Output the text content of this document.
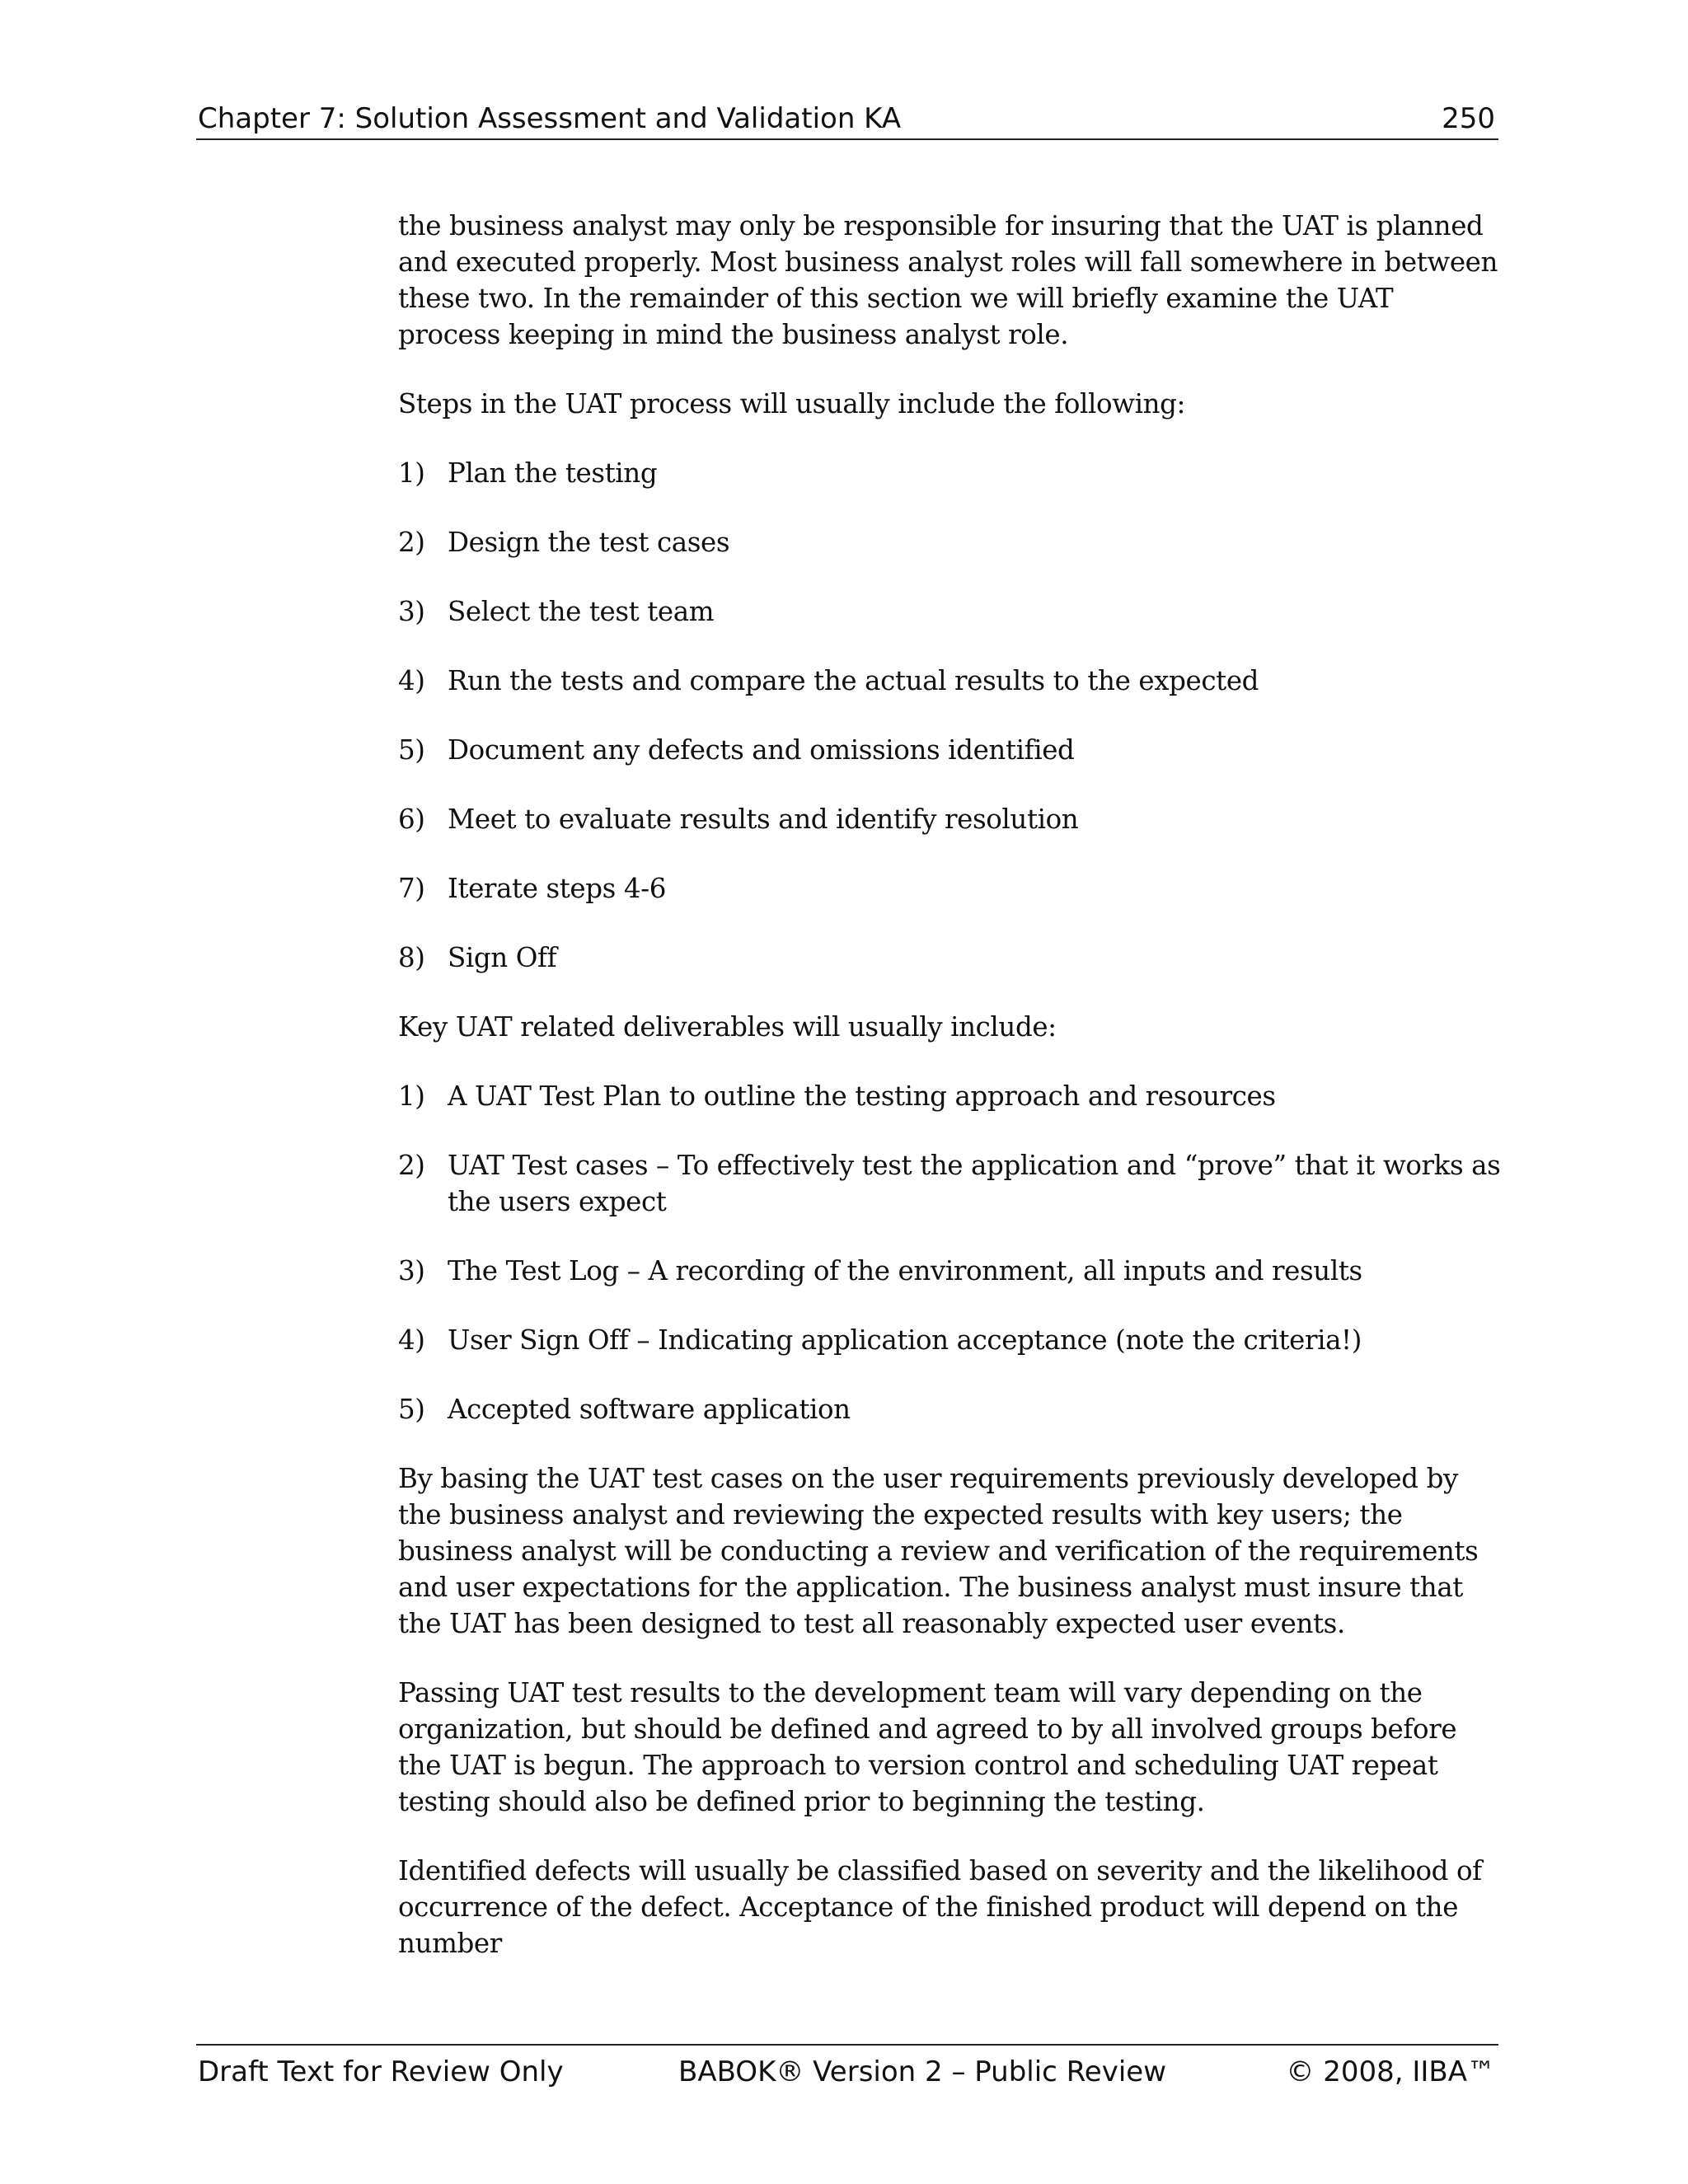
Chapter 7: Solution Assessment and Validation KA	250

the business analyst may only be responsible for insuring that the UAT is planned and executed properly. Most business analyst roles will fall somewhere in between these two. In the remainder of this section we will briefly examine the UAT process keeping in mind the business analyst role.

Steps in the UAT process will usually include the following:

1) Plan the testing
2) Design the test cases
3) Select the test team
4) Run the tests and compare the actual results to the expected
5) Document any defects and omissions identified
6) Meet to evaluate results and identify resolution
7) Iterate steps 4-6
8) Sign Off

Key UAT related deliverables will usually include:

1) A UAT Test Plan to outline the testing approach and resources
2) UAT Test cases – To effectively test the application and “prove” that it works as the users expect
3) The Test Log – A recording of the environment, all inputs and results
4) User Sign Off – Indicating application acceptance (note the criteria!)
5) Accepted software application

By basing the UAT test cases on the user requirements previously developed by the business analyst and reviewing the expected results with key users; the business analyst will be conducting a review and verification of the requirements and user expectations for the application. The business analyst must insure that the UAT has been designed to test all reasonably expected user events.

Passing UAT test results to the development team will vary depending on the organization, but should be defined and agreed to by all involved groups before the UAT is begun. The approach to version control and scheduling UAT repeat testing should also be defined prior to beginning the testing.

Identified defects will usually be classified based on severity and the likelihood of occurrence of the defect. Acceptance of the finished product will depend on the number

Draft Text for Review Only	BABOK® Version 2 – Public Review	© 2008, IIBA™
